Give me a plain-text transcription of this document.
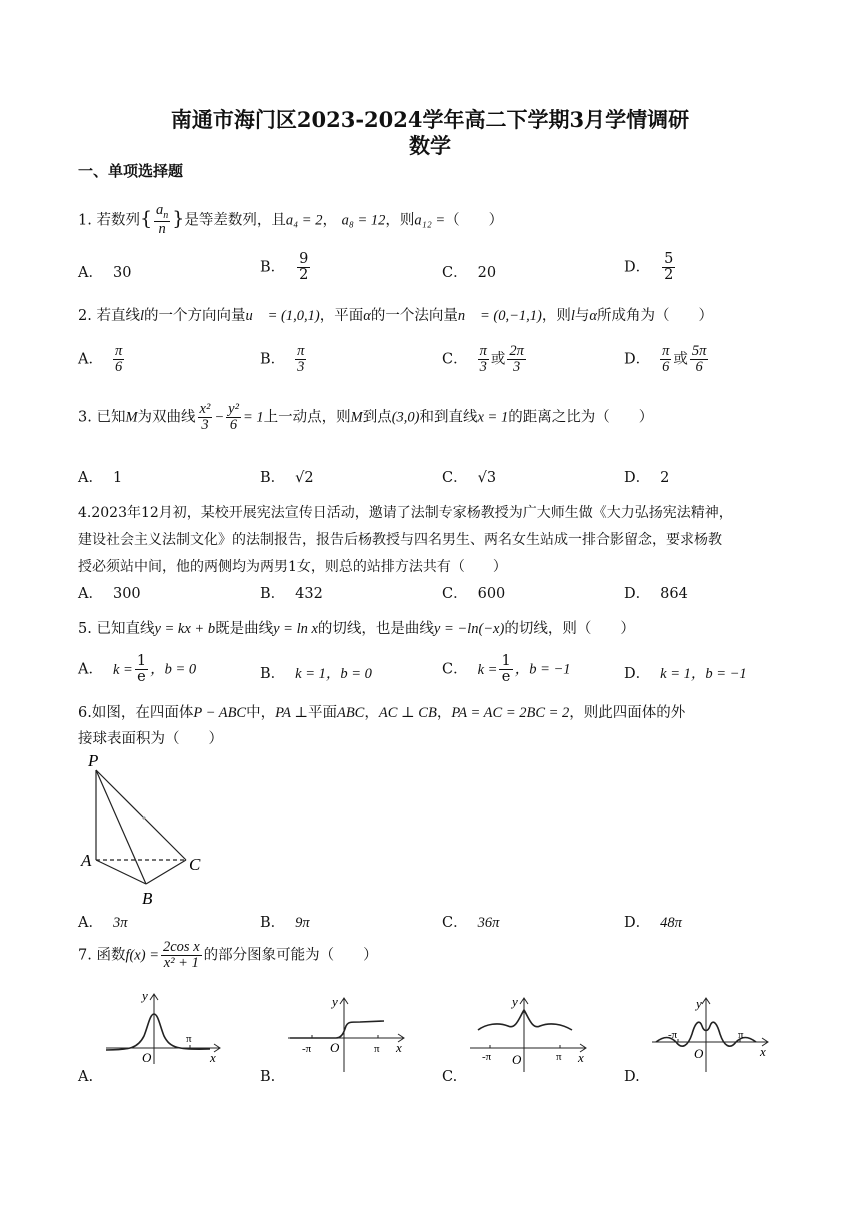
南通市海门区2023-2024学年高二下学期3月学情调研
数学
一、单项选择题
1. 若数列{ $\frac{a_n}{n}$ }是等差数列，且a₄ = 2， a₈ = 12，则a₁₂ =（　　）
A． 30	B． $\frac{9}{2}$	C． 20	D． $\frac{5}{2}$
2. 若直线l的一个方向向量u⃗ = (1,0,1)，平面α的一个法向量n⃗ = (0,−1,1)，则l与α所成角为（　　）
A． $\frac{\pi}{6}$	B． $\frac{\pi}{3}$	C． $\frac{\pi}{3}$ 或 $\frac{2\pi}{3}$	D． $\frac{\pi}{6}$ 或 $\frac{5\pi}{6}$
3. 已知M为双曲线 $\frac{\text{x²}}{3} - \frac{\text{y²}}{6} = 1$上一动点，则M到点(3,0)和到直线x = 1的距离之比为（　　）
A． 1	B． √2	C． √3	D． 2
4.2023年12月初，某校开展宪法宣传日活动，邀请了法制专家杨教授为广大师生做《大力弘扬宪法精神，
建设社会主义法制文化》的法制报告，报告后杨教授与四名男生、两名女生站成一排合影留念，要求杨教
授必须站中间，他的两侧均为两男1女，则总的站排方法共有（　　）
A． 300	B． 432	C． 600	D． 864
5. 已知直线y = kx + b既是曲线y = ln x的切线，也是曲线y = −ln(−x)的切线，则（　　）
A． $k = \frac{1}{e}$ ，b = 0	B． k = 1，b = 0	C． $k = \frac{1}{e}$ ，b = −1	D． k = 1，b = −1
6.如图，在四面体P − ABC中，PA ⊥平面ABC，AC ⊥ CB，PA = AC = 2BC = 2，则此四面体的外
接球表面积为（　　）
P
A
B
C
A． 3π	B． 9π	C． 36π	D． 48π
7. 函数$f(x) = \frac{\text{2cos x}}{\text{x² + 1}}$ 的部分图象可能为（　　）
π
O
y
x
A.
-π	π
O
y
x
B.
-π	π
O
y
x
C.
-π	π
O
y
x
D.
